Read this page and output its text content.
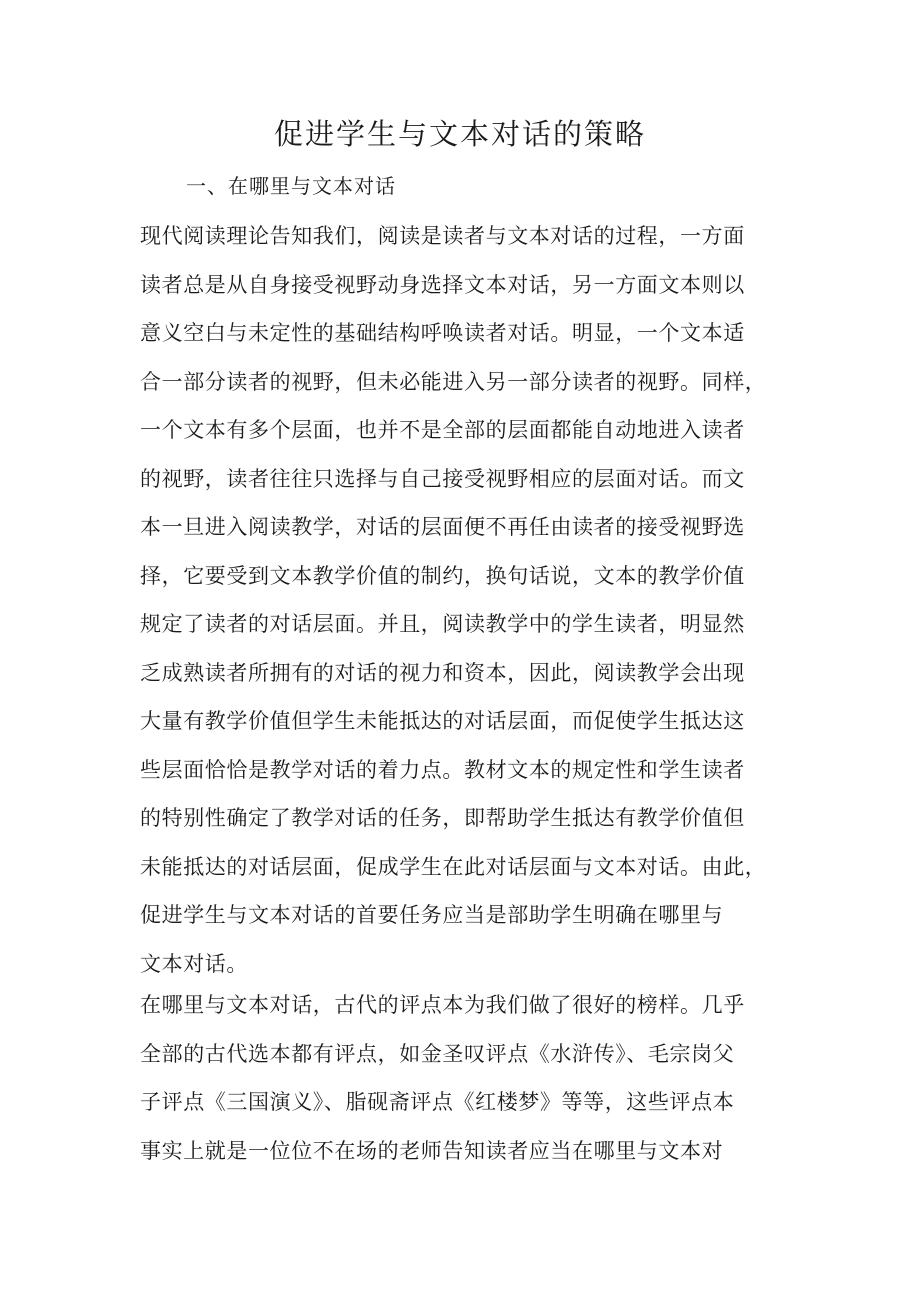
促进学生与文本对话的策略
一、在哪里与文本对话
现代阅读理论告知我们，阅读是读者与文本对话的过程，一方面
读者总是从自身接受视野动身选择文本对话，另一方面文本则以
意义空白与未定性的基础结构呼唤读者对话。明显，一个文本适
合一部分读者的视野，但未必能进入另一部分读者的视野。同样，
一个文本有多个层面，也并不是全部的层面都能自动地进入读者
的视野，读者往往只选择与自己接受视野相应的层面对话。而文
本一旦进入阅读教学，对话的层面便不再任由读者的接受视野选
择，它要受到文本教学价值的制约，换句话说，文本的教学价值
规定了读者的对话层面。并且，阅读教学中的学生读者，明显然
乏成熟读者所拥有的对话的视力和资本，因此，阅读教学会出现
大量有教学价值但学生未能抵达的对话层面，而促使学生抵达这
些层面恰恰是教学对话的着力点。教材文本的规定性和学生读者
的特别性确定了教学对话的任务，即帮助学生抵达有教学价值但
未能抵达的对话层面，促成学生在此对话层面与文本对话。由此，
促进学生与文本对话的首要任务应当是部助学生明确在哪里与
文本对话。
在哪里与文本对话，古代的评点本为我们做了很好的榜样。几乎
全部的古代选本都有评点，如金圣叹评点《水浒传》、毛宗岗父
子评点《三国演义》、脂砚斋评点《红楼梦》等等，这些评点本
事实上就是一位位不在场的老师告知读者应当在哪里与文本对
